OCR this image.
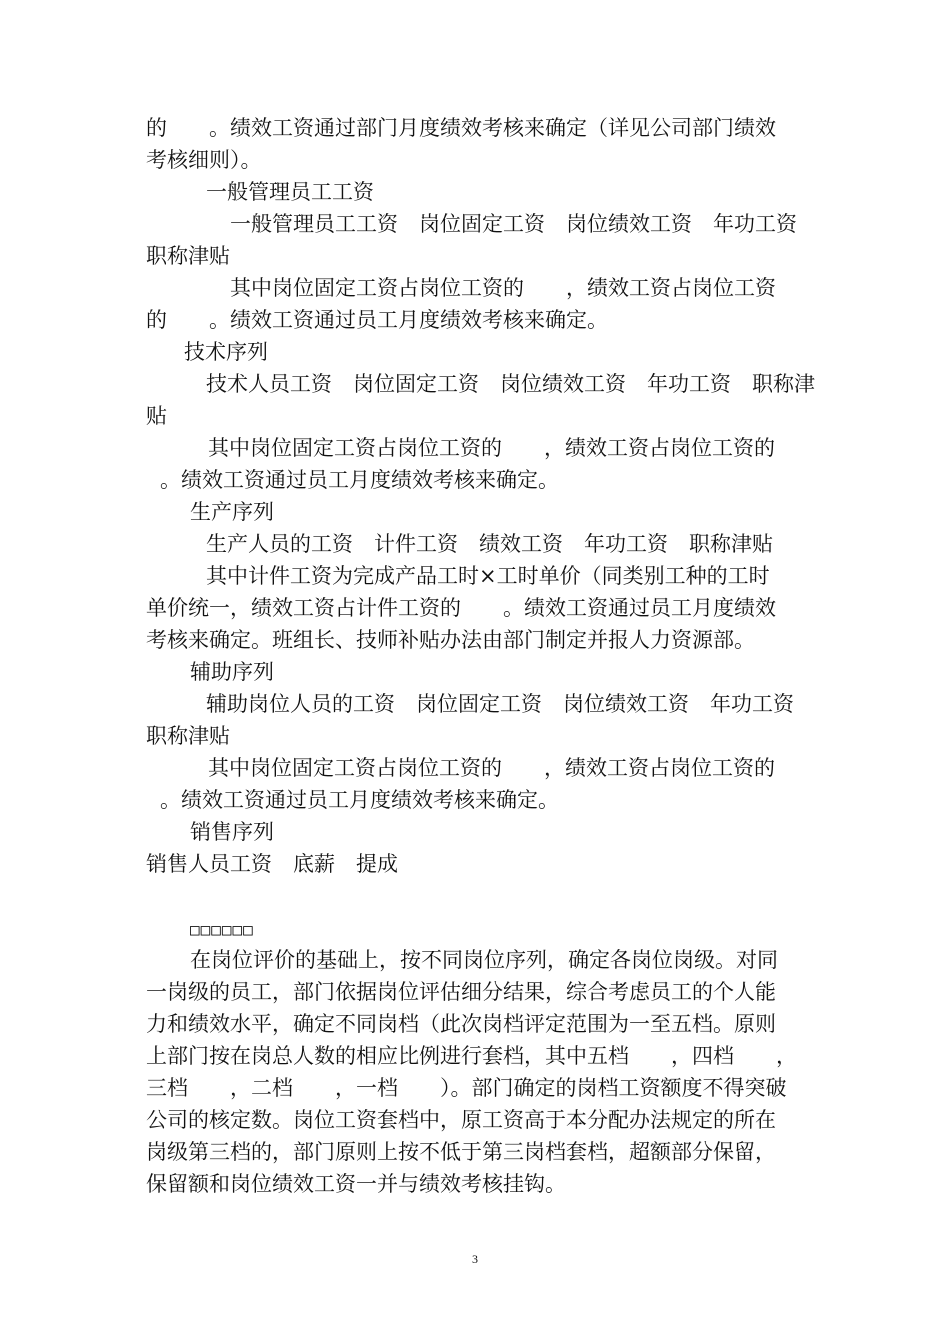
的　　。绩效工资通过部门月度绩效考核来确定（详见公司部门绩效
考核细则）。
一般管理员工工资
一般管理员工工资　岗位固定工资　岗位绩效工资　年功工资
职称津贴
其中岗位固定工资占岗位工资的　　，绩效工资占岗位工资
的　　。绩效工资通过员工月度绩效考核来确定。
技术序列
技术人员工资　岗位固定工资　岗位绩效工资　年功工资　职称津
贴
其中岗位固定工资占岗位工资的　　，绩效工资占岗位工资的
。绩效工资通过员工月度绩效考核来确定。
生产序列
生产人员的工资　计件工资　绩效工资　年功工资　职称津贴
其中计件工资为完成产品工时×工时单价（同类别工种的工时
单价统一，绩效工资占计件工资的　　。绩效工资通过员工月度绩效
考核来确定。班组长、技师补贴办法由部门制定并报人力资源部。
辅助序列
辅助岗位人员的工资　岗位固定工资　岗位绩效工资　年功工资
职称津贴
其中岗位固定工资占岗位工资的　　，绩效工资占岗位工资的
。绩效工资通过员工月度绩效考核来确定。
销售序列
销售人员工资　底薪　提成
□□□□□□
在岗位评价的基础上，按不同岗位序列，确定各岗位岗级。对同
一岗级的员工，部门依据岗位评估细分结果，综合考虑员工的个人能
力和绩效水平，确定不同岗档（此次岗档评定范围为一至五档。原则
上部门按在岗总人数的相应比例进行套档，其中五档　　，四档　　，
三档　　，二档　　，一档　　）。部门确定的岗档工资额度不得突破
公司的核定数。岗位工资套档中，原工资高于本分配办法规定的所在
岗级第三档的，部门原则上按不低于第三岗档套档，超额部分保留，
保留额和岗位绩效工资一并与绩效考核挂钩。
3
